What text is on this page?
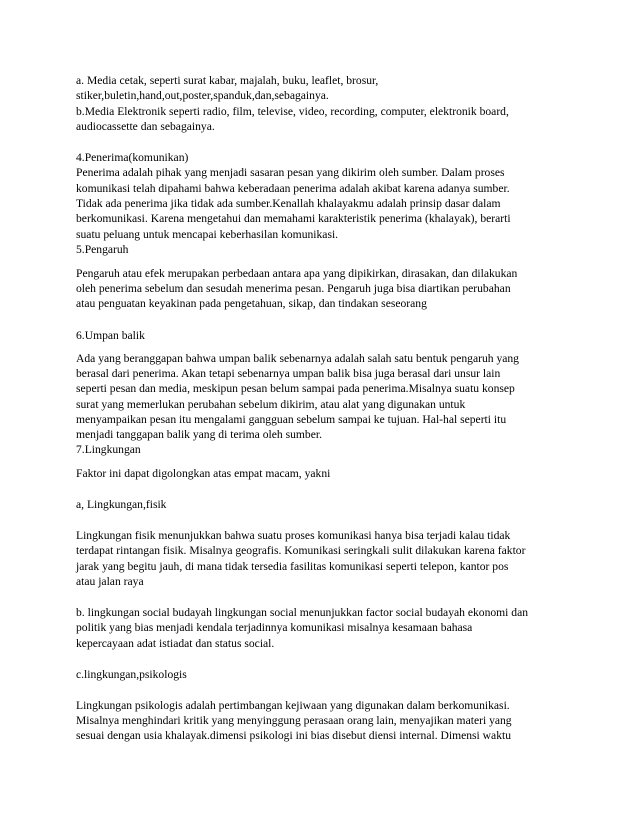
a. Media cetak, seperti surat kabar, majalah, buku, leaflet, brosur,
stiker,buletin,hand,out,poster,spanduk,dan,sebagainya.
b.Media Elektronik seperti radio, film, televise, video, recording, computer, elektronik board,
audiocassette dan sebagainya.
4.Penerima(komunikan)
Penerima adalah pihak yang menjadi sasaran pesan yang dikirim oleh sumber. Dalam proses
komunikasi telah dipahami bahwa keberadaan penerima adalah akibat karena adanya sumber.
Tidak ada penerima jika tidak ada sumber.Kenallah khalayakmu adalah prinsip dasar dalam
berkomunikasi. Karena mengetahui dan memahami karakteristik penerima (khalayak), berarti
suatu peluang untuk mencapai keberhasilan komunikasi.
5.Pengaruh
Pengaruh atau efek merupakan perbedaan antara apa yang dipikirkan, dirasakan, dan dilakukan
oleh penerima sebelum dan sesudah menerima pesan. Pengaruh juga bisa diartikan perubahan
atau penguatan keyakinan pada pengetahuan, sikap, dan tindakan seseorang
6.Umpan balik
Ada yang beranggapan bahwa umpan balik sebenarnya adalah salah satu bentuk pengaruh yang
berasal dari penerima. Akan tetapi sebenarnya umpan balik bisa juga berasal dari unsur lain
seperti pesan dan media, meskipun pesan belum sampai pada penerima.Misalnya suatu konsep
surat yang memerlukan perubahan sebelum dikirim, atau alat yang digunakan untuk
menyampaikan pesan itu mengalami gangguan sebelum sampai ke tujuan. Hal-hal seperti itu
menjadi tanggapan balik yang di terima oleh sumber.
7.Lingkungan
Faktor ini dapat digolongkan atas empat macam, yakni
a, Lingkungan,fisik
Lingkungan fisik menunjukkan bahwa suatu proses komunikasi hanya bisa terjadi kalau tidak
terdapat rintangan fisik. Misalnya geografis. Komunikasi seringkali sulit dilakukan karena faktor
jarak yang begitu jauh, di mana tidak tersedia fasilitas komunikasi seperti telepon, kantor pos
atau jalan raya
b. lingkungan social budayah lingkungan social menunjukkan factor social budayah ekonomi dan
politik yang bias menjadi kendala terjadinnya komunikasi misalnya kesamaan bahasa
kepercayaan adat istiadat dan status social.
c.lingkungan,psikologis
Lingkungan psikologis adalah pertimbangan kejiwaan yang digunakan dalam berkomunikasi.
Misalnya menghindari kritik yang menyinggung perasaan orang lain, menyajikan materi yang
sesuai dengan usia khalayak.dimensi psikologi ini bias disebut diensi internal. Dimensi waktu
